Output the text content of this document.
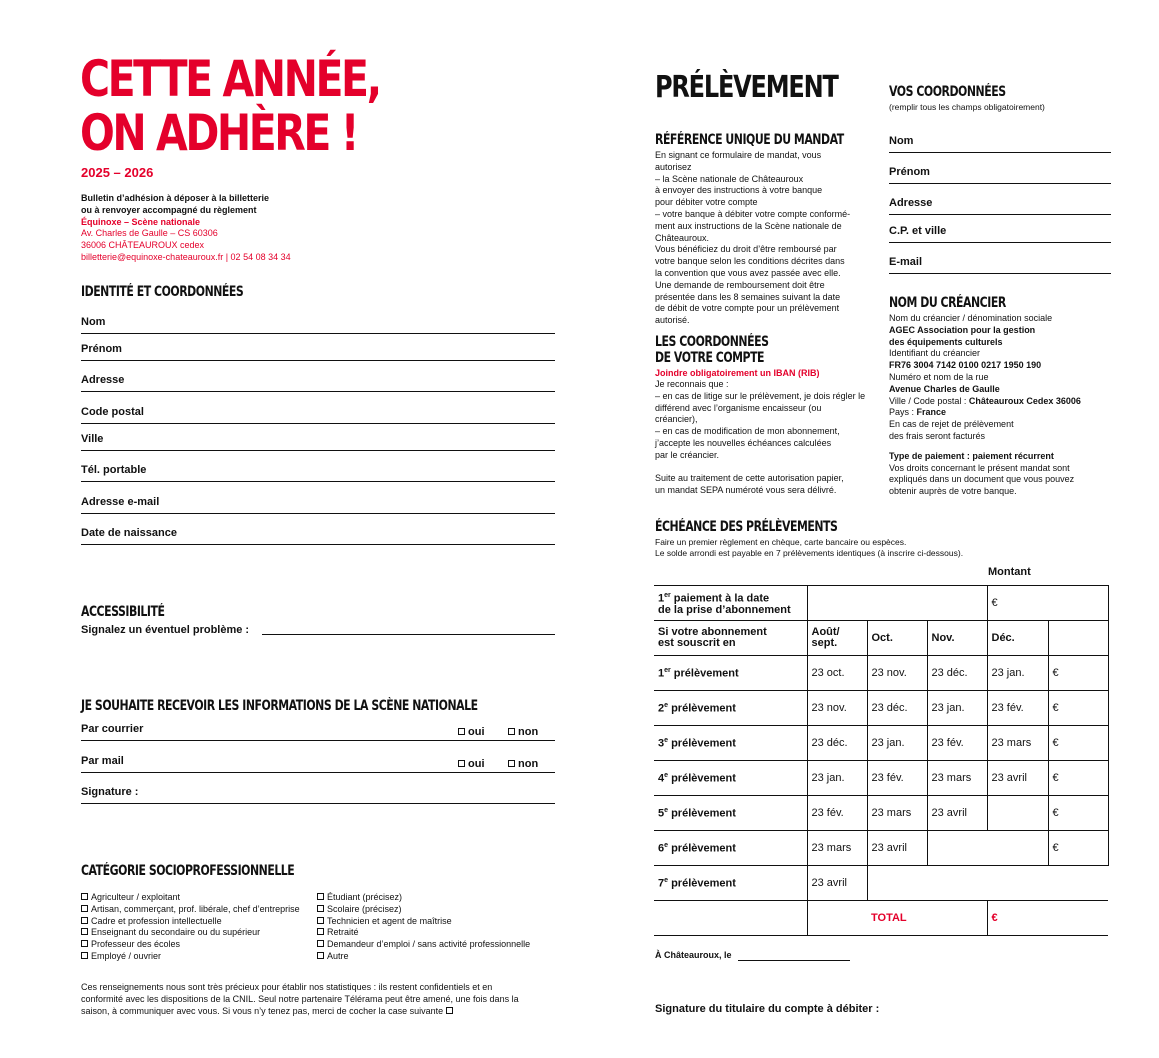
CETTE ANNÉE,
ON ADHÈRE !
2025 – 2026
Bulletin d’adhésion à déposer à la billetterie
ou à renvoyer accompagné du règlement
Équinoxe – Scène nationale
Av. Charles de Gaulle – CS 60306
36006 CHÂTEAUROUX cedex
billetterie@equinoxe-chateauroux.fr | 02 54 08 34 34
IDENTITÉ ET COORDONNÉES
Nom
Prénom
Adresse
Code postal
Ville
Tél. portable
Adresse e-mail
Date de naissance
ACCESSIBILITÉ
Signalez un éventuel problème :
JE SOUHAITE RECEVOIR LES INFORMATIONS DE LA SCÈNE NATIONALE
Par courrier	oui	non
Par mail	oui	non
Signature :
CATÉGORIE SOCIOPROFESSIONNELLE
Agriculteur / exploitant
Artisan, commerçant, prof. libérale, chef d’entreprise
Cadre et profession intellectuelle
Enseignant du secondaire ou du supérieur
Professeur des écoles
Employé / ouvrier
Étudiant (précisez)
Scolaire (précisez)
Technicien et agent de maîtrise
Retraité
Demandeur d’emploi / sans activité professionnelle
Autre
Ces renseignements nous sont très précieux pour établir nos statistiques : ils restent confidentiels et en
conformité avec les dispositions de la CNIL. Seul notre partenaire Télérama peut être amené, une fois dans la
saison, à communiquer avec vous. Si vous n’y tenez pas, merci de cocher la case suivante
PRÉLÈVEMENT
RÉFÉRENCE UNIQUE DU MANDAT
En signant ce formulaire de mandat, vous autorisez
– la Scène nationale de Châteauroux
à envoyer des instructions à votre banque
pour débiter votre compte
– votre banque à débiter votre compte conformé-
ment aux instructions de la Scène nationale de
Châteauroux.
Vous bénéficiez du droit d’être remboursé par
votre banque selon les conditions décrites dans
la convention que vous avez passée avec elle.
Une demande de remboursement doit être
présentée dans les 8 semaines suivant la date
de débit de votre compte pour un prélèvement
autorisé.
LES COORDONNÉES
DE VOTRE COMPTE
Joindre obligatoirement un IBAN (RIB)
Je reconnais que :
– en cas de litige sur le prélèvement, je dois régler le
différend avec l’organisme encaisseur (ou
créancier),
– en cas de modification de mon abonnement,
j’accepte les nouvelles échéances calculées
par le créancier.

Suite au traitement de cette autorisation papier,
un mandat SEPA numéroté vous sera délivré.
VOS COORDONNÉES
(remplir tous les champs obligatoirement)
Nom
Prénom
Adresse
C.P. et ville
E-mail
NOM DU CRÉANCIER
Nom du créancier / dénomination sociale
AGEC Association pour la gestion
des équipements culturels
Identifiant du créancier
FR76 3004 7142 0100 0217 1950 190
Numéro et nom de la rue
Avenue Charles de Gaulle
Ville / Code postal : Châteauroux Cedex 36006
Pays : France
En cas de rejet de prélèvement
des frais seront facturés
Type de paiement : paiement récurrent
Vos droits concernant le présent mandat sont
expliqués dans un document que vous pouvez
obtenir auprès de votre banque.
ÉCHÉANCE DES PRÉLÈVEMENTS
Faire un premier règlement en chèque, carte bancaire ou espèces.
Le solde arrondi est payable en 7 prélèvements identiques (à inscrire ci-dessous).
Montant
1er paiement à la date
de la prise d’abonnement				€	
Si votre abonnement
est souscrit en	Août/
sept.	Oct.	Nov.	Déc.	
1er prélèvement	23 oct.	23 nov.	23 déc.	23 jan.	€
2e prélèvement	23 nov.	23 déc.	23 jan.	23 fév.	€
3e prélèvement	23 déc.	23 jan.	23 fév.	23 mars	€
4e prélèvement	23 jan.	23 fév.	23 mars	23 avril	€
5e prélèvement	23 fév.	23 mars	23 avril		€
6e prélèvement	23 mars	23 avril			€
7e prélèvement	23 avril				
		TOTAL		€	
À Châteauroux, le
Signature du titulaire du compte à débiter :
